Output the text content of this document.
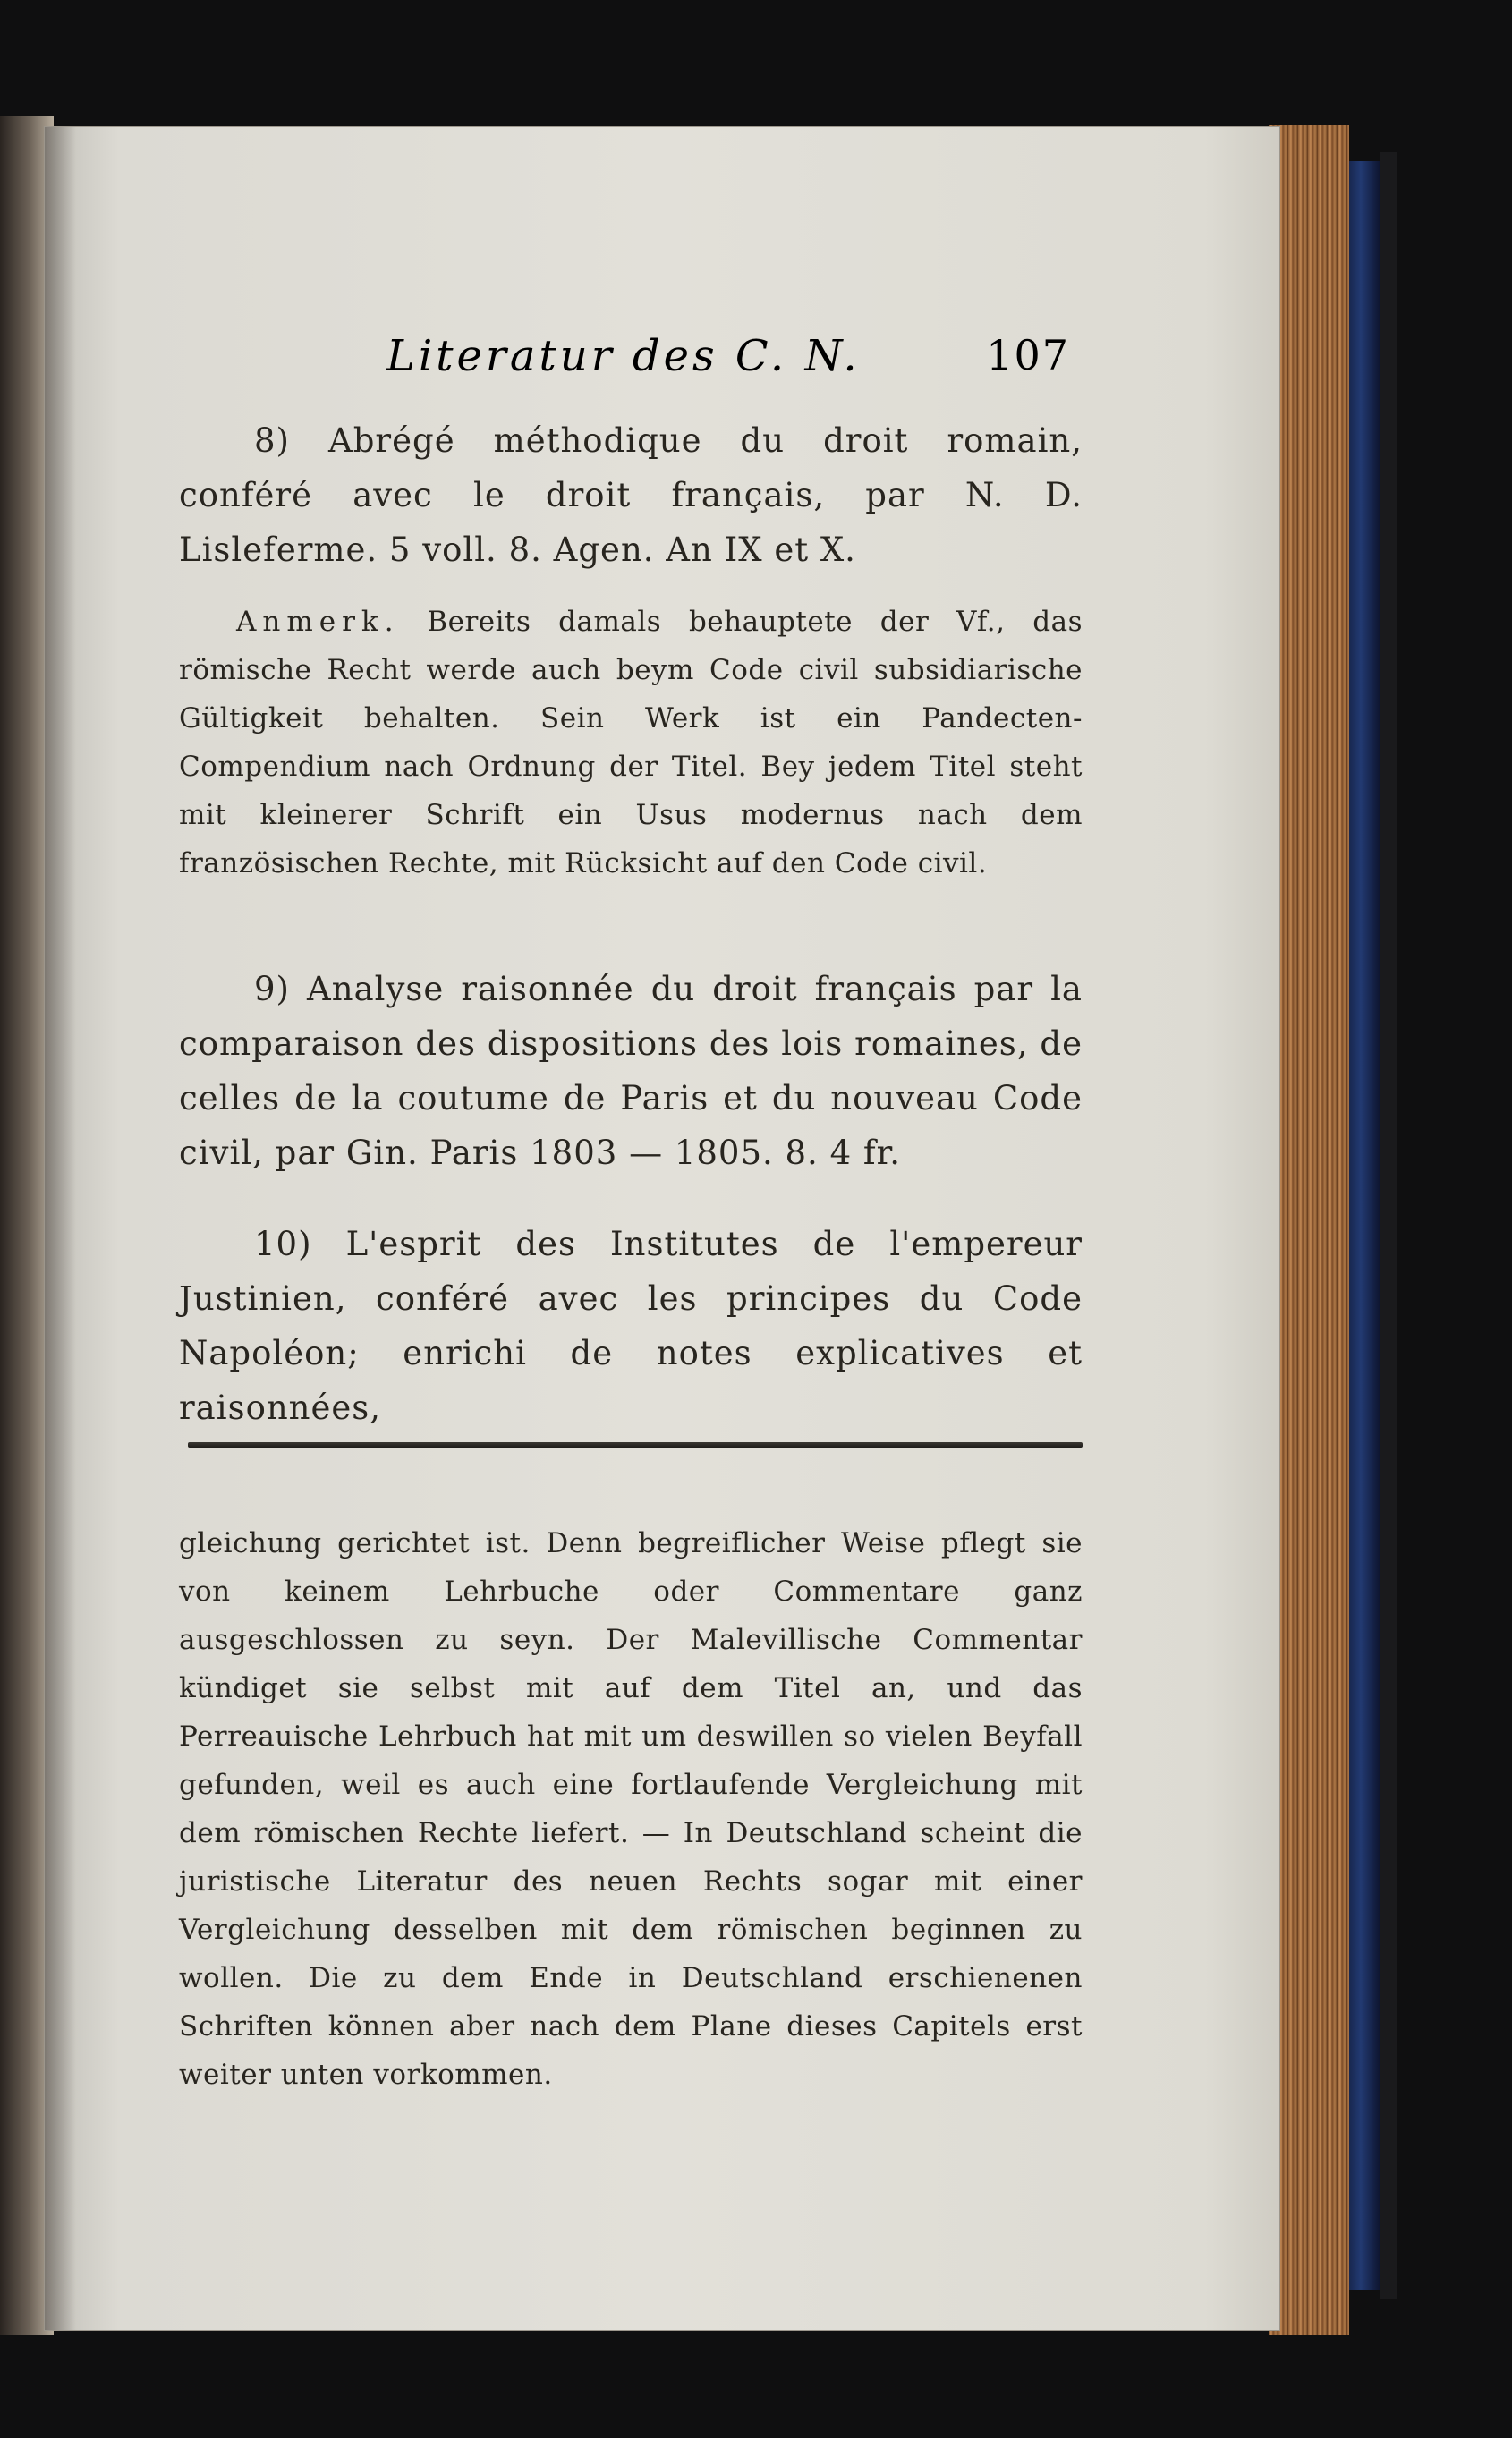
Literatur des C. N.	107
8) Abrégé méthodique du droit romain, conféré avec le droit français, par N. D. Lisleferme. 5 voll. 8. Agen. An IX et X.
Anmerk. Bereits damals behauptete der Vf., das römische Recht werde auch beym Code civil subsidiarische Gültigkeit behalten. Sein Werk ist ein Pandecten-Compendium nach Ordnung der Titel. Bey jedem Titel steht mit kleinerer Schrift ein Usus modernus nach dem französischen Rechte, mit Rücksicht auf den Code civil.
9) Analyse raisonnée du droit français par la comparaison des dispositions des lois romaines, de celles de la coutume de Paris et du nouveau Code civil, par Gin. Paris 1803 — 1805. 8. 4 fr.
10) L'esprit des Institutes de l'empereur Justinien, conféré avec les principes du Code Napoléon; enrichi de notes explicatives et raisonnées,
gleichung gerichtet ist. Denn begreiflicher Weise pflegt sie von keinem Lehrbuche oder Commentare ganz ausgeschlossen zu seyn. Der Malevillische Commentar kündiget sie selbst mit auf dem Titel an, und das Perreauische Lehrbuch hat mit um deswillen so vielen Beyfall gefunden, weil es auch eine fortlaufende Vergleichung mit dem römischen Rechte liefert. — In Deutschland scheint die juristische Literatur des neuen Rechts sogar mit einer Vergleichung desselben mit dem römischen beginnen zu wollen. Die zu dem Ende in Deutschland erschienenen Schriften können aber nach dem Plane dieses Capitels erst weiter unten vorkommen.
